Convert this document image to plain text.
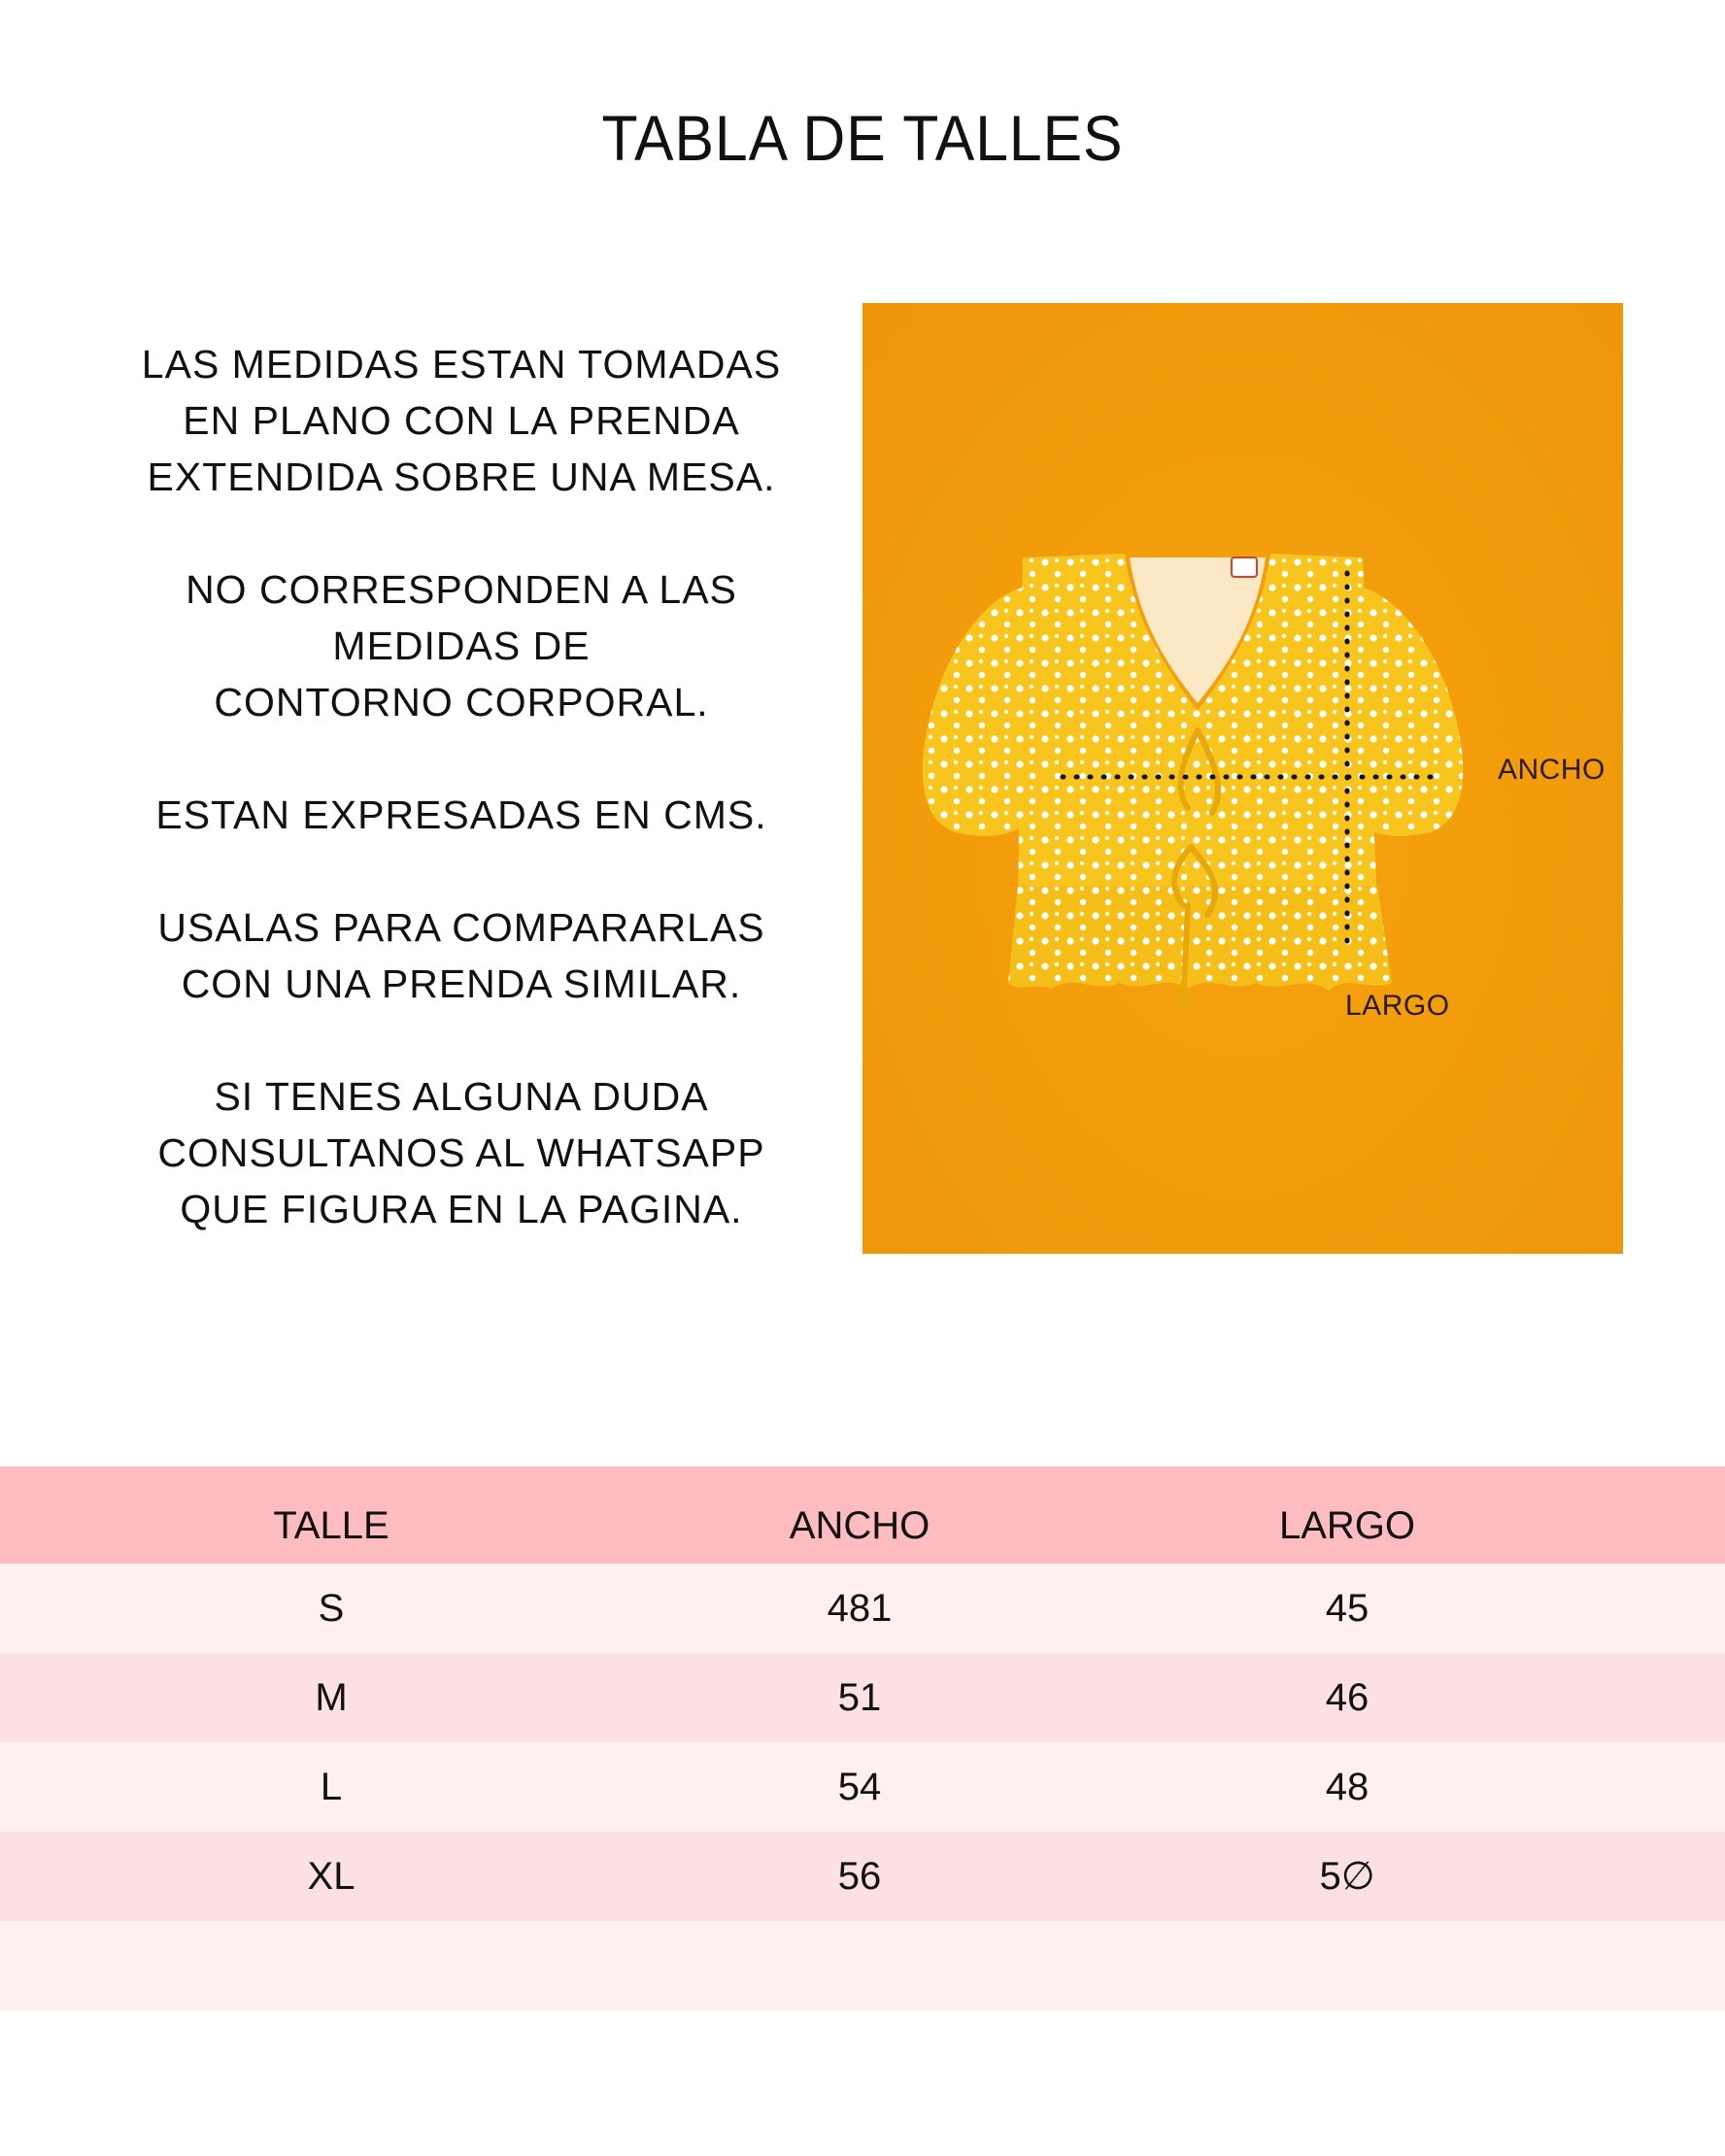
TABLA DE TALLES

LAS MEDIDAS ESTAN TOMADAS
EN PLANO CON LA PRENDA
EXTENDIDA SOBRE UNA MESA.

NO CORRESPONDEN A LAS
MEDIDAS DE
CONTORNO CORPORAL.

ESTAN EXPRESADAS EN CMS.

USALAS PARA COMPARARLAS
CON UNA PRENDA SIMILAR.

SI TENES ALGUNA DUDA
CONSULTANOS AL WHATSAPP
QUE FIGURA EN LA PAGINA.

ANCHO
LARGO
TALLE	ANCHO	LARGO
S	481	45
M	51	46
L	54	48
XL	56	5∅
